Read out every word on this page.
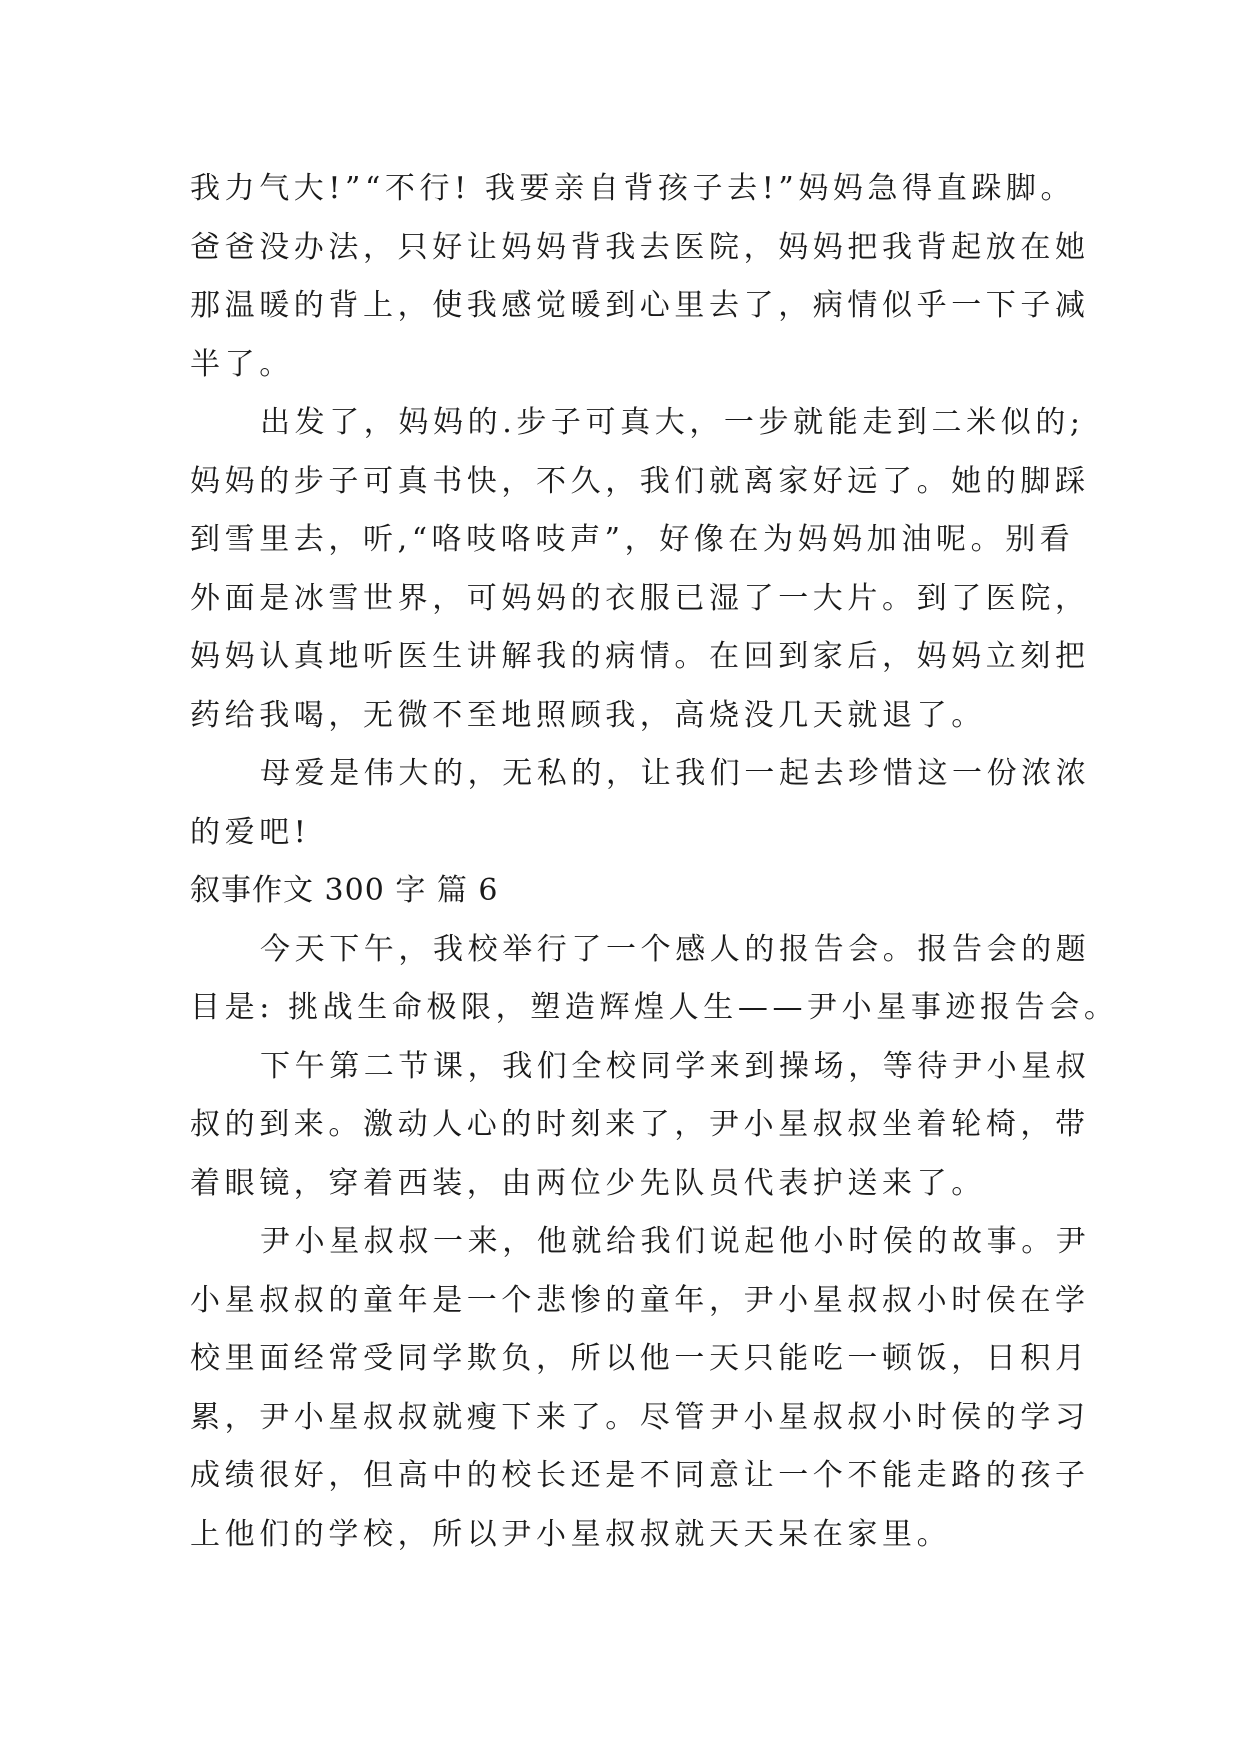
我力气大!”“不行! 我要亲自背孩子去!”妈妈急得直跺脚。
爸爸没办法，只好让妈妈背我去医院，妈妈把我背起放在她
那温暖的背上，使我感觉暖到心里去了，病情似乎一下子减
半了。
出发了，妈妈的.步子可真大，一步就能走到二米似的;
妈妈的步子可真书快，不久，我们就离家好远了。她的脚踩
到雪里去，听,“咯吱咯吱声”，好像在为妈妈加油呢。别看
外面是冰雪世界，可妈妈的衣服已湿了一大片。到了医院，
妈妈认真地听医生讲解我的病情。在回到家后，妈妈立刻把
药给我喝，无微不至地照顾我，高烧没几天就退了。
母爱是伟大的，无私的，让我们一起去珍惜这一份浓浓
的爱吧!
叙事作文 300 字 篇 6
今天下午，我校举行了一个感人的报告会。报告会的题
目是: 挑战生命极限，塑造辉煌人生——尹小星事迹报告会。
下午第二节课，我们全校同学来到操场，等待尹小星叔
叔的到来。激动人心的时刻来了，尹小星叔叔坐着轮椅，带
着眼镜，穿着西装，由两位少先队员代表护送来了。
尹小星叔叔一来，他就给我们说起他小时侯的故事。尹
小星叔叔的童年是一个悲惨的童年，尹小星叔叔小时侯在学
校里面经常受同学欺负，所以他一天只能吃一顿饭，日积月
累，尹小星叔叔就瘦下来了。尽管尹小星叔叔小时侯的学习
成绩很好，但高中的校长还是不同意让一个不能走路的孩子
上他们的学校，所以尹小星叔叔就天天呆在家里。
